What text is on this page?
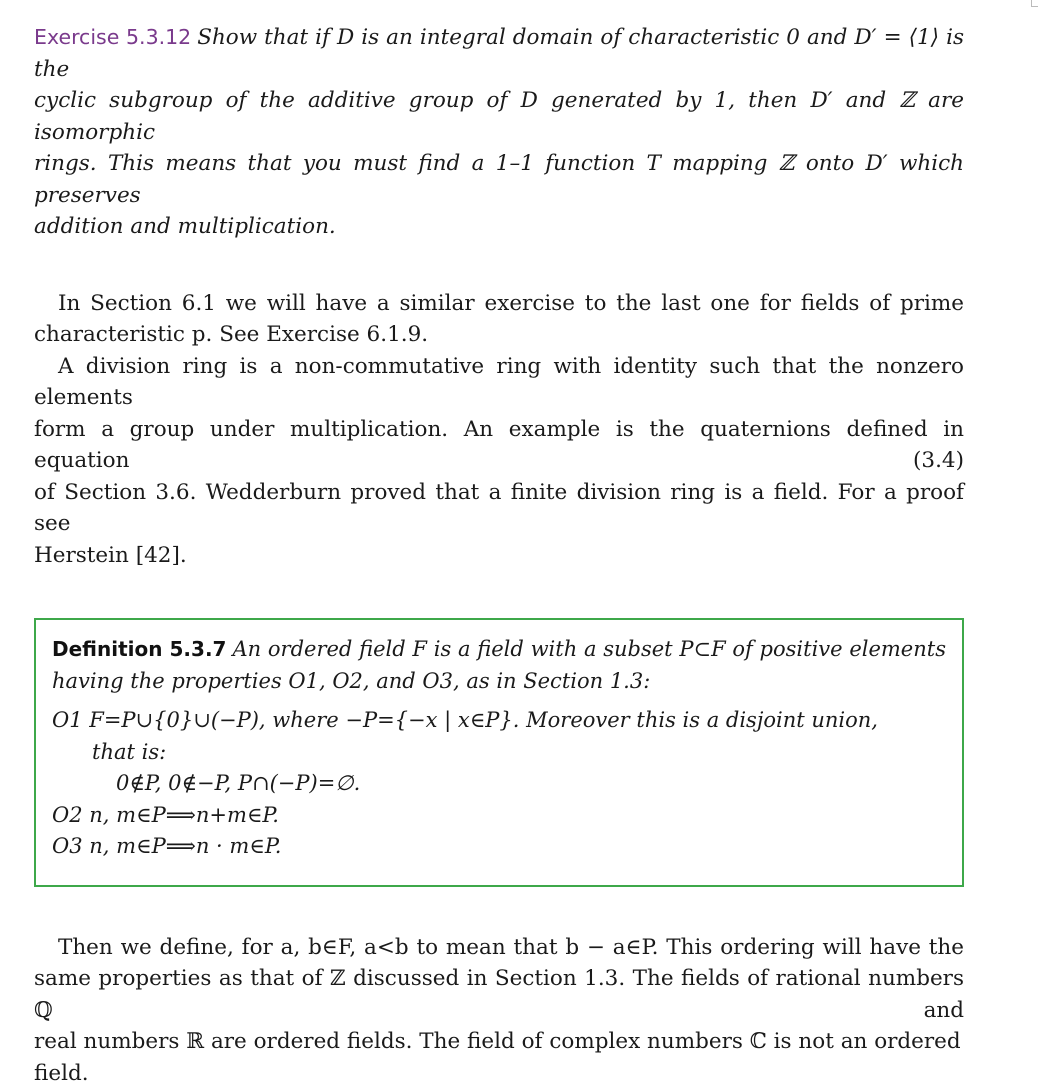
Exercise 5.3.12 Show that if D is an integral domain of characteristic 0 and D′ = ⟨1⟩ is the

cyclic subgroup of the additive group of D generated by 1, then D′ and ℤ are isomorphic

rings. This means that you must find a 1–1 function T mapping ℤ onto D′ which preserves

addition and multiplication.

In Section 6.1 we will have a similar exercise to the last one for fields of prime

characteristic p. See Exercise 6.1.9.

A division ring is a non-commutative ring with identity such that the nonzero elements

form a group under multiplication. An example is the quaternions defined in equation (3.4)

of Section 3.6. Wedderburn proved that a finite division ring is a field. For a proof see

Herstein [42].

Definition 5.3.7 An ordered field F is a field with a subset P⊂F of positive elements

having the properties O1, O2, and O3, as in Section 1.3:

O1 F=P∪{0}∪(−P), where −P={−x | x∈P}. Moreover this is a disjoint union,

that is:

0∉P, 0∉−P, P∩(−P)=∅.

O2 n, m∈P⟹n+m∈P.

O3 n, m∈P⟹n · m∈P.

Then we define, for a, b∈F, a<b to mean that b − a∈P. This ordering will have the

same properties as that of ℤ discussed in Section 1.3. The fields of rational numbers ℚ and

real numbers ℝ are ordered fields. The field of complex numbers ℂ is not an ordered field.
